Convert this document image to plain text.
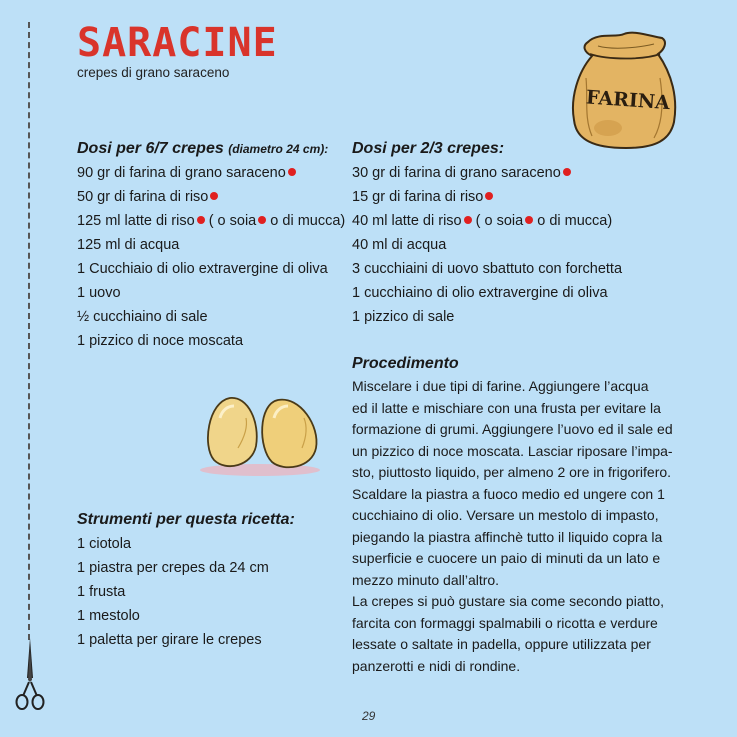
SARACINE
crepes di grano saraceno
FARINA
Dosi per 6/7 crepes (diametro 24 cm):
90 gr di farina di grano saraceno
50 gr di farina di riso
125 ml latte di riso ( o soia o di mucca)
125 ml di acqua
1 Cucchiaio di olio extravergine di oliva
1 uovo
½ cucchiaino di sale
1 pizzico di noce moscata
Dosi per 2/3 crepes:
30 gr di farina di grano saraceno
15 gr di farina di riso
40 ml latte di riso ( o soia o di mucca)
40 ml di acqua
3 cucchiaini di uovo sbattuto con forchetta
1 cucchiaino di olio extravergine di oliva
1 pizzico di sale
Procedimento

Miscelare i due tipi di farine. Aggiungere l’acqua
ed il latte e mischiare con una frusta per evitare la
formazione di grumi. Aggiungere l’uovo ed il sale ed
un pizzico di noce moscata. Lasciar riposare l’impa-
sto, piuttosto liquido, per almeno 2 ore in frigorifero.
Scaldare la piastra a fuoco medio ed ungere con 1
cucchiaino di olio. Versare un mestolo di impasto,
piegando la piastra affinchè tutto il liquido copra la
superficie e cuocere un paio di minuti da un lato e
mezzo minuto dall’altro.

La crepes si può gustare sia come secondo piatto,
farcita con formaggi spalmabili o ricotta e verdure
lessate o saltate in padella, oppure utilizzata per
panzerotti e nidi di rondine.

Strumenti per questa ricetta:
1 ciotola
1 piastra per crepes da 24 cm
1 frusta
1 mestolo
1 paletta per girare le crepes
29
